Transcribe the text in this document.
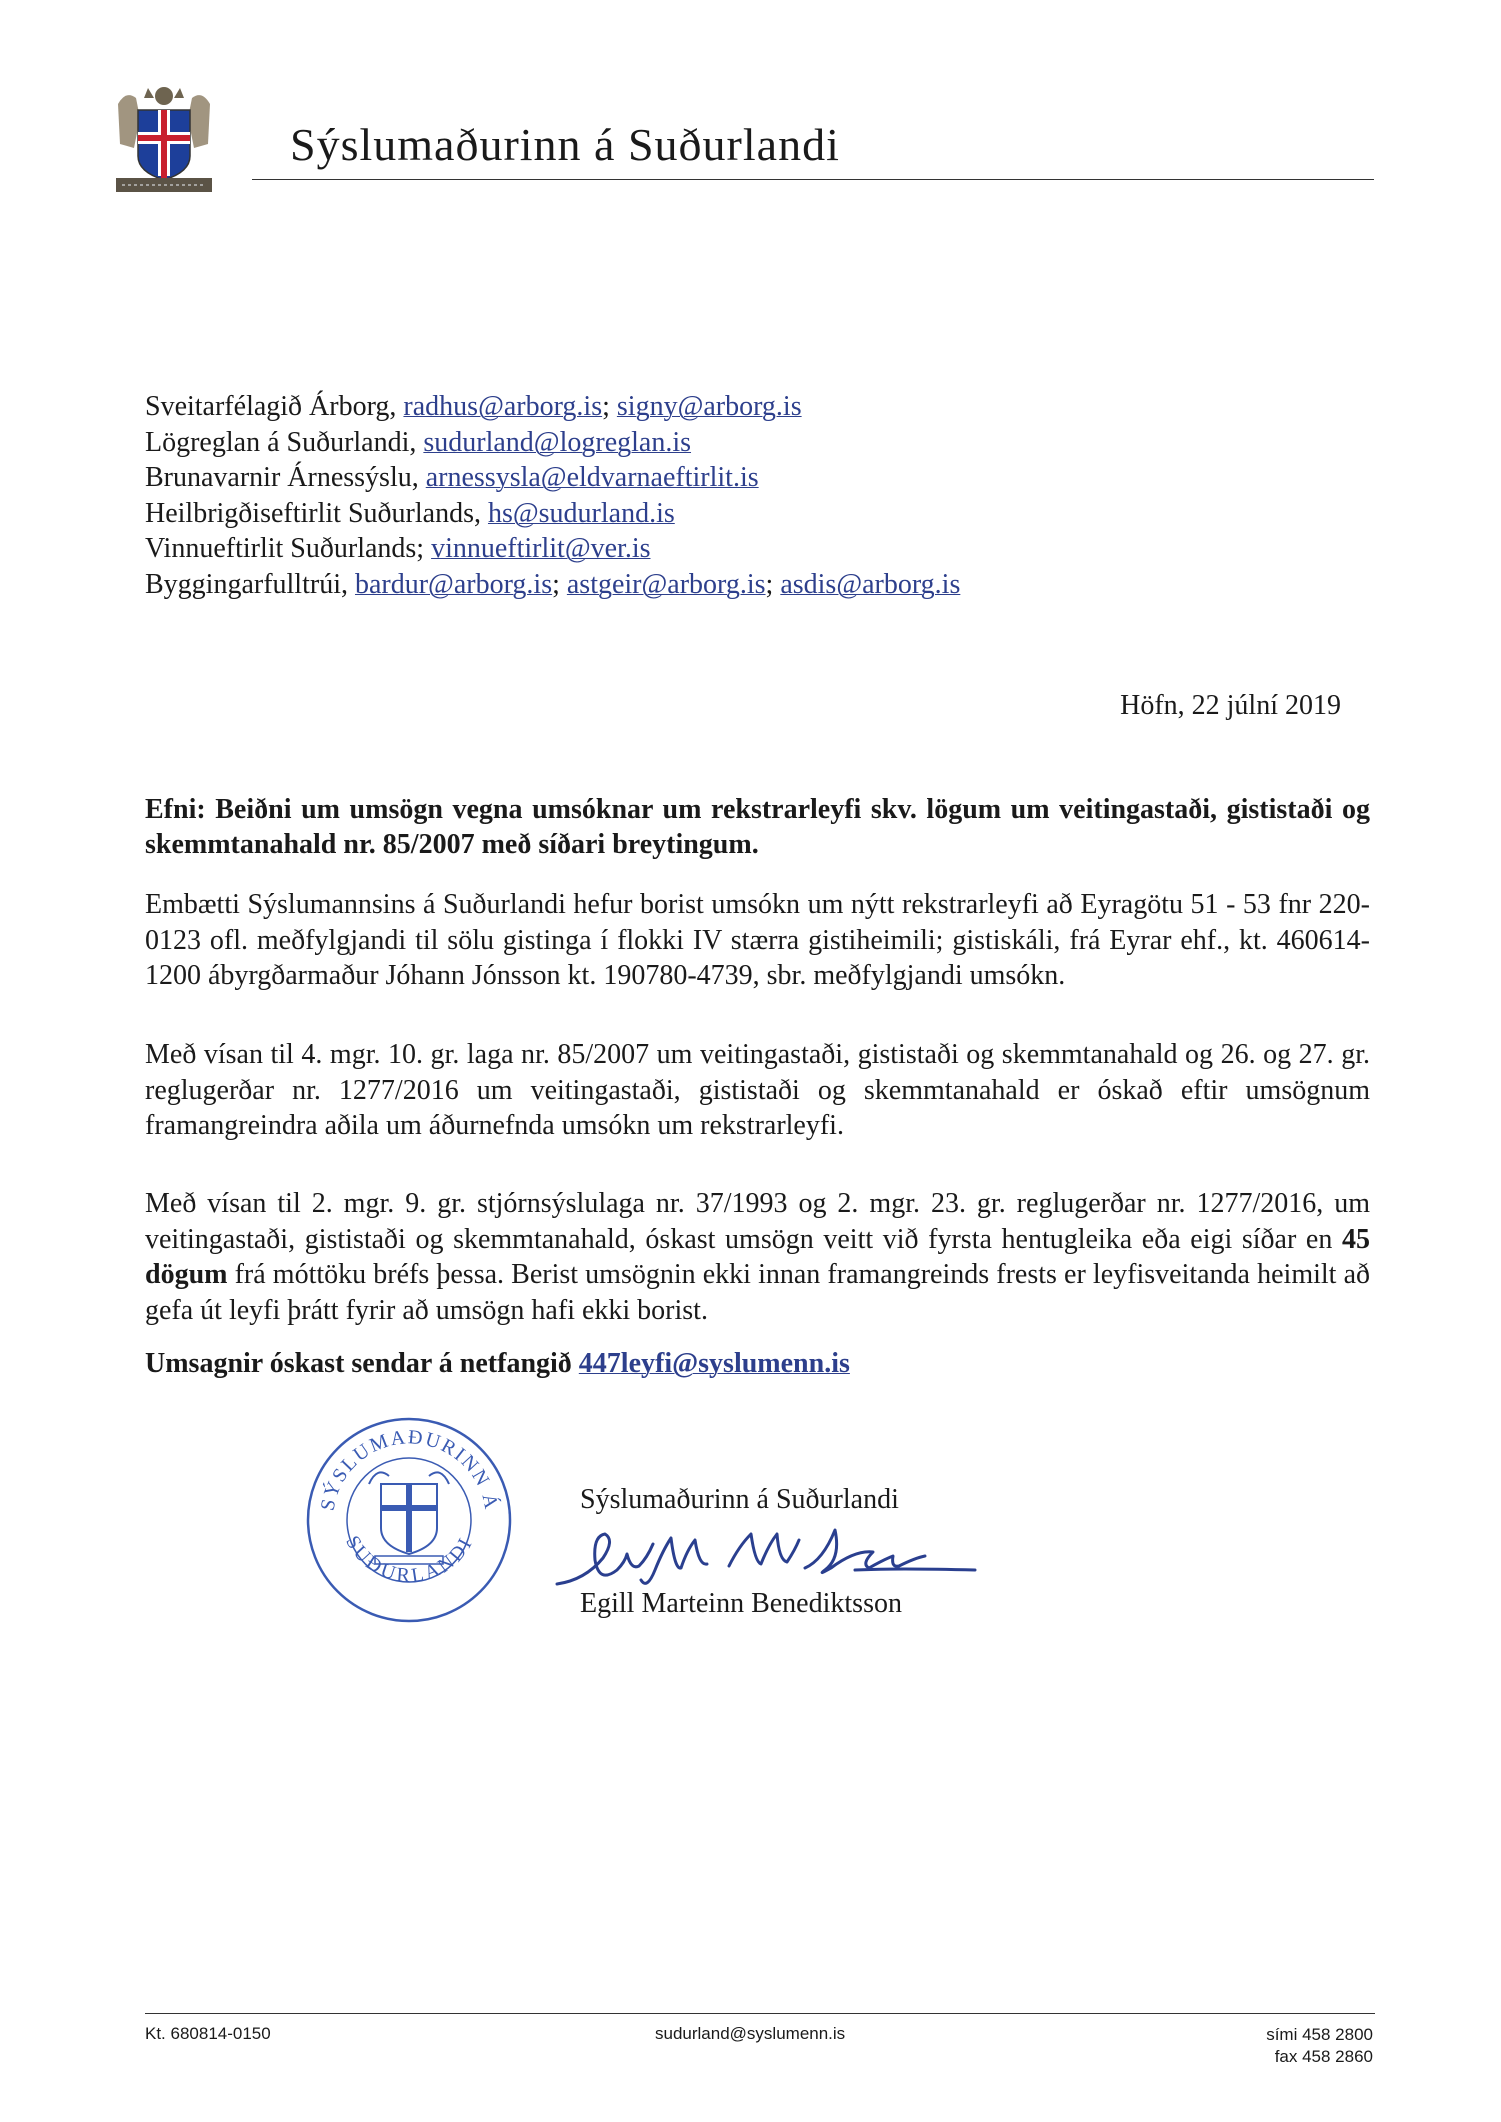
Sýslumaðurinn á Suðurlandi
Sveitarfélagið Árborg, radhus@arborg.is; signy@arborg.is
Lögreglan á Suðurlandi, sudurland@logreglan.is
Brunavarnir Árnessýslu, arnessysla@eldvarnaeftirlit.is
Heilbrigðiseftirlit Suðurlands, hs@sudurland.is
Vinnueftirlit Suðurlands; vinnueftirlit@ver.is
Byggingarfulltrúi, bardur@arborg.is; astgeir@arborg.is; asdis@arborg.is
Höfn, 22 júlní 2019
Efni: Beiðni um umsögn vegna umsóknar um rekstrarleyfi skv. lögum um veitingastaði, gististaði og skemmtanahald nr. 85/2007 með síðari breytingum.
Embætti Sýslumannsins á Suðurlandi hefur borist umsókn um nýtt rekstrarleyfi að Eyragötu 51 - 53 fnr 220-0123 ofl. meðfylgjandi til sölu gistinga í flokki IV stærra gistiheimili; gistiskáli, frá Eyrar ehf., kt. 460614-1200 ábyrgðarmaður Jóhann Jónsson kt. 190780-4739, sbr. meðfylgjandi umsókn.
Með vísan til 4. mgr. 10. gr. laga nr. 85/2007 um veitingastaði, gististaði og skemmtanahald og 26. og 27. gr. reglugerðar nr. 1277/2016 um veitingastaði, gististaði og skemmtanahald er óskað eftir umsögnum framangreindra aðila um áðurnefnda umsókn um rekstrarleyfi.
Með vísan til 2. mgr. 9. gr. stjórnsýslulaga nr. 37/1993 og 2. mgr. 23. gr. reglugerðar nr. 1277/2016, um veitingastaði, gististaði og skemmtanahald, óskast umsögn veitt við fyrsta hentugleika eða eigi síðar en 45 dögum frá móttöku bréfs þessa. Berist umsögnin ekki innan framangreinds frests er leyfisveitanda heimilt að gefa út leyfi þrátt fyrir að umsögn hafi ekki borist.
Umsagnir óskast sendar á netfangið 447leyfi@syslumenn.is
SÝSLUMAÐURINN Á
SUÐURLANDI
Sýslumaðurinn á Suðurlandi
Egill Marteinn Benediktsson
Kt. 680814-0150	sudurland@syslumenn.is	sími 458 2800
fax 458 2860
